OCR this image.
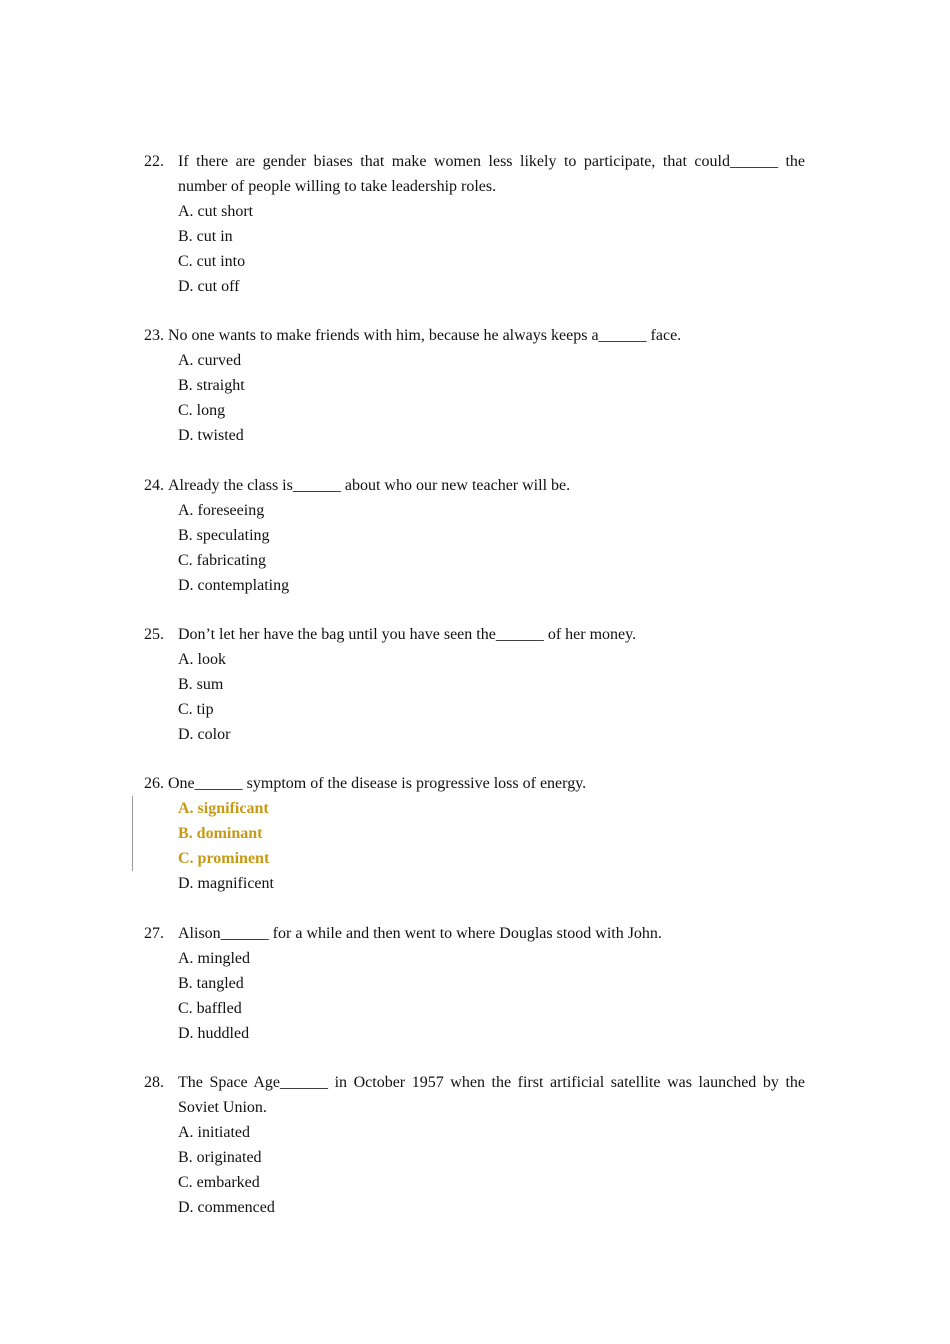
22. If there are gender biases that make women less likely to participate, that could______ the number of people willing to take leadership roles.

A. cut short
B. cut in
C. cut into
D. cut off

23. No one wants to make friends with him, because he always keeps a______ face.

A. curved
B. straight
C. long
D. twisted

24. Already the class is______ about who our new teacher will be.

A. foreseeing
B. speculating
C. fabricating
D. contemplating

25. Don’t let her have the bag until you have seen the______ of her money.

A. look
B. sum
C. tip
D. color

26. One______ symptom of the disease is progressive loss of energy.

A. significant
B. dominant
C. prominent
D. magnificent

27. Alison______ for a while and then went to where Douglas stood with John.

A. mingled
B. tangled
C. baffled
D. huddled

28. The Space Age______ in October 1957 when the first artificial satellite was launched by the Soviet Union.

A. initiated
B. originated
C. embarked
D. commenced
